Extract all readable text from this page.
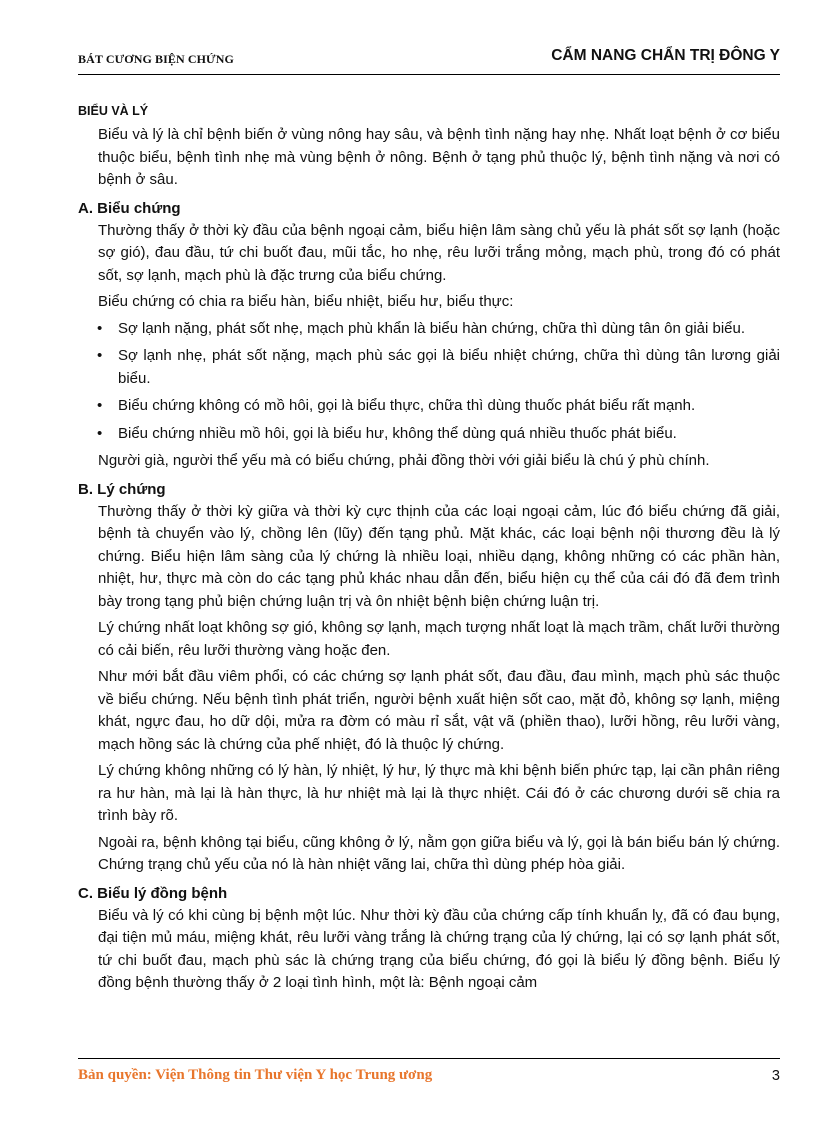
BÁT CƯƠNG BIỆN CHỨNG	CẨM NANG CHẨN TRỊ ĐÔNG Y
BIỂU VÀ LÝ

Biểu và lý là chỉ bệnh biến ở vùng nông hay sâu, và bệnh tình nặng hay nhẹ. Nhất loạt bệnh ở cơ biểu thuộc biểu, bệnh tình nhẹ mà vùng bệnh ở nông. Bệnh ở tạng phủ thuộc lý, bệnh tình nặng và nơi có bệnh ở sâu.

A. Biểu chứng

Thường thấy ở thời kỳ đầu của bệnh ngoại cảm, biểu hiện lâm sàng chủ yếu là phát sốt sợ lạnh (hoặc sợ gió), đau đầu, tứ chi buốt đau, mũi tắc, ho nhẹ, rêu lưỡi trắng mỏng, mạch phù, trong đó có phát sốt, sợ lạnh, mạch phù là đặc trưng của biểu chứng.

Biểu chứng có chia ra biểu hàn, biểu nhiệt, biểu hư, biểu thực:

• Sợ lạnh nặng, phát sốt nhẹ, mạch phù khẩn là biểu hàn chứng, chữa thì dùng tân ôn giải biểu.
• Sợ lạnh nhẹ, phát sốt nặng, mạch phù sác gọi là biểu nhiệt chứng, chữa thì dùng tân lương giải biểu.
• Biểu chứng không có mồ hôi, gọi là biểu thực, chữa thì dùng thuốc phát biểu rất mạnh.
• Biểu chứng nhiều mồ hôi, gọi là biểu hư, không thể dùng quá nhiều thuốc phát biểu.

Người già, người thể yếu mà có biểu chứng, phải đồng thời với giải biểu là chú ý phù chính.

B. Lý chứng

Thường thấy ở thời kỳ giữa và thời kỳ cực thịnh của các loại ngoại cảm, lúc đó biểu chứng đã giải, bệnh tà chuyển vào lý, chồng lên (lũy) đến tạng phủ. Mặt khác, các loại bệnh nội thương đều là lý chứng. Biểu hiện lâm sàng của lý chứng là nhiều loại, nhiều dạng, không những có các phần hàn, nhiệt, hư, thực mà còn do các tạng phủ khác nhau dẫn đến, biểu hiện cụ thể của cái đó đã đem trình bày trong tạng phủ biện chứng luận trị và ôn nhiệt bệnh biện chứng luận trị.

Lý chứng nhất loạt không sợ gió, không sợ lạnh, mạch tượng nhất loạt là mạch trầm, chất lưỡi thường có cải biến, rêu lưỡi thường vàng hoặc đen.

Như mới bắt đầu viêm phổi, có các chứng sợ lạnh phát sốt, đau đầu, đau mình, mạch phù sác thuộc về biểu chứng. Nếu bệnh tình phát triển, người bệnh xuất hiện sốt cao, mặt đỏ, không sợ lạnh, miệng khát, ngực đau, ho dữ dội, mửa ra đờm có màu rỉ sắt, vật vã (phiền thao), lưỡi hồng, rêu lưỡi vàng, mạch hồng sác là chứng của phế nhiệt, đó là thuộc lý chứng.

Lý chứng không những có lý hàn, lý nhiệt, lý hư, lý thực mà khi bệnh biến phức tạp, lại cần phân riêng ra hư hàn, mà lại là hàn thực, là hư nhiệt mà lại là thực nhiệt. Cái đó ở các chương dưới sẽ chia ra trình bày rõ.

Ngoài ra, bệnh không tại biểu, cũng không ở lý, nằm gọn giữa biểu và lý, gọi là bán biểu bán lý chứng. Chứng trạng chủ yếu của nó là hàn nhiệt vãng lai, chữa thì dùng phép hòa giải.

C. Biểu lý đồng bệnh

Biểu và lý có khi cùng bị bệnh một lúc. Như thời kỳ đầu của chứng cấp tính khuẩn lỵ, đã có đau bụng, đại tiện mủ máu, miệng khát, rêu lưỡi vàng trắng là chứng trạng của lý chứng, lại có sợ lạnh phát sốt, tứ chi buốt đau, mạch phù sác là chứng trạng của biểu chứng, đó gọi là biểu lý đồng bệnh. Biểu lý đồng bệnh thường thấy ở 2 loại tình hình, một là: Bệnh ngoại cảm

Bản quyền: Viện Thông tin Thư viện Y học Trung ương	3
